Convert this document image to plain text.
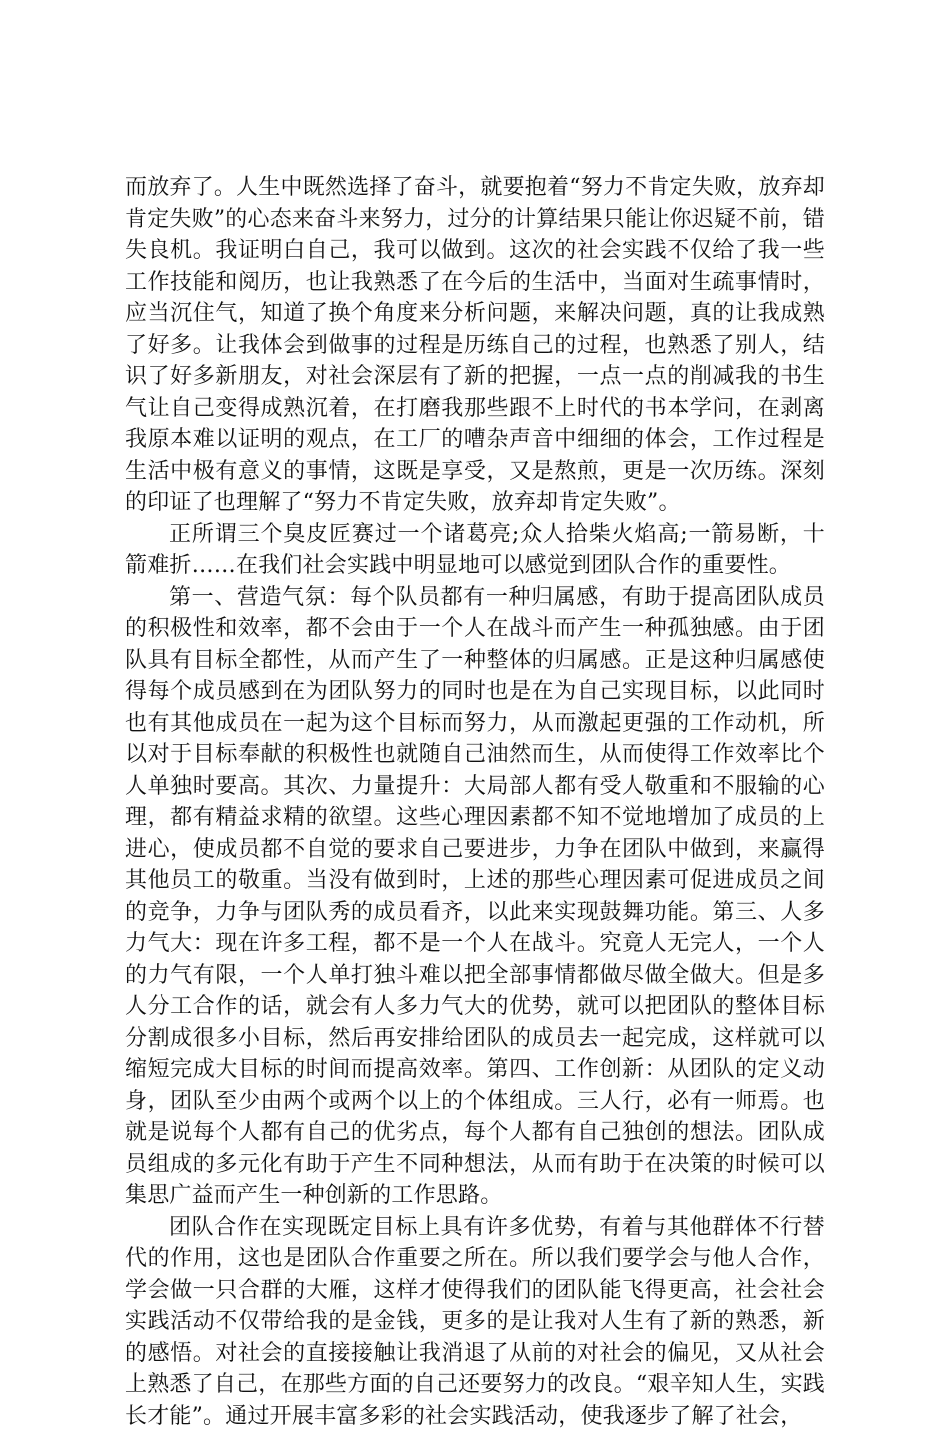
而放弃了。人生中既然选择了奋斗，就要抱着“努力不肯定失败，放弃却肯定失败”的心态来奋斗来努力，过分的计算结果只能让你迟疑不前，错失良机。我证明白自己，我可以做到。这次的社会实践不仅给了我一些工作技能和阅历，也让我熟悉了在今后的生活中，当面对生疏事情时，应当沉住气，知道了换个角度来分析问题，来解决问题，真的让我成熟了好多。让我体会到做事的过程是历练自己的过程，也熟悉了别人，结识了好多新朋友，对社会深层有了新的把握，一点一点的削减我的书生气让自己变得成熟沉着，在打磨我那些跟不上时代的书本学问，在剥离我原本难以证明的观点，在工厂的嘈杂声音中细细的体会，工作过程是生活中极有意义的事情，这既是享受，又是熬煎，更是一次历练。深刻的印证了也理解了“努力不肯定失败，放弃却肯定失败”。

正所谓三个臭皮匠赛过一个诸葛亮;众人拾柴火焰高;一箭易断，十箭难折……在我们社会实践中明显地可以感觉到团队合作的重要性。

第一、营造气氛：每个队员都有一种归属感，有助于提高团队成员的积极性和效率，都不会由于一个人在战斗而产生一种孤独感。由于团队具有目标全都性，从而产生了一种整体的归属感。正是这种归属感使得每个成员感到在为团队努力的同时也是在为自己实现目标，以此同时也有其他成员在一起为这个目标而努力，从而激起更强的工作动机，所以对于目标奉献的积极性也就随自己油然而生，从而使得工作效率比个人单独时要高。其次、力量提升：大局部人都有受人敬重和不服输的心理，都有精益求精的欲望。这些心理因素都不知不觉地增加了成员的上进心，使成员都不自觉的要求自己要进步，力争在团队中做到，来赢得其他员工的敬重。当没有做到时，上述的那些心理因素可促进成员之间的竞争，力争与团队秀的成员看齐，以此来实现鼓舞功能。第三、人多力气大：现在许多工程，都不是一个人在战斗。究竟人无完人，一个人的力气有限，一个人单打独斗难以把全部事情都做尽做全做大。但是多人分工合作的话，就会有人多力气大的优势，就可以把团队的整体目标分割成很多小目标，然后再安排给团队的成员去一起完成，这样就可以缩短完成大目标的时间而提高效率。第四、工作创新：从团队的定义动身，团队至少由两个或两个以上的个体组成。三人行，必有一师焉。也就是说每个人都有自己的优劣点，每个人都有自己独创的想法。团队成员组成的多元化有助于产生不同种想法，从而有助于在决策的时候可以集思广益而产生一种创新的工作思路。

团队合作在实现既定目标上具有许多优势，有着与其他群体不行替代的作用，这也是团队合作重要之所在。所以我们要学会与他人合作，学会做一只合群的大雁，这样才使得我们的团队能飞得更高，社会社会实践活动不仅带给我的是金钱，更多的是让我对人生有了新的熟悉，新的感悟。对社会的直接接触让我消退了从前的对社会的偏见，又从社会上熟悉了自己，在那些方面的自己还要努力的改良。“艰辛知人生，实践长才能”。通过开展丰富多彩的社会实践活动，使我逐步了解了社会，
